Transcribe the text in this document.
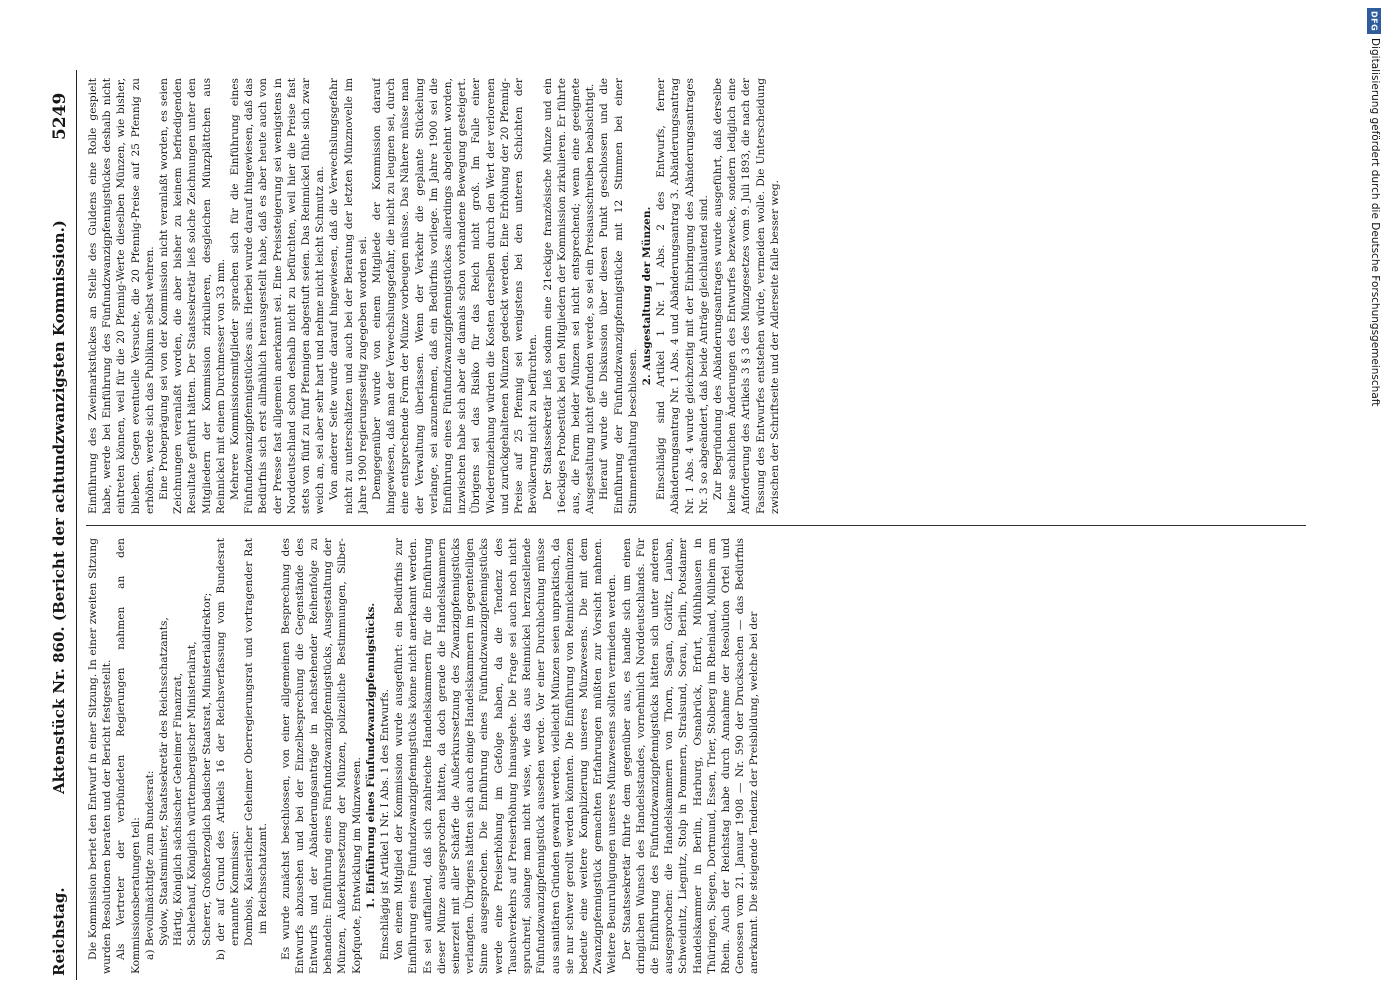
DFG
Digitalisierung gefördert durch die Deutsche Forschungsgemeinschaft
Reichstag.
Aktenstück Nr. 860. (Bericht der achtundzwanzigsten Kommission.)
5249

Die Kommission beriet den Entwurf in einer Sitzung. In einer zweiten Sitzung wurden Resolutionen beraten und der Bericht festgestellt. Als Vertreter der verbündeten Regierungen nahmen an den Kommissionsberatungen teil: a) Bevollmächtigte zum Bundesrat: Sydow, Staatsminister, Staatssekretär des Reichsschatzamts, Härtig, Königlich sächsischer Geheimer Finanzrat, Schleehauf, Königlich württembergischer Ministerialrat, Scherer, Großherzoglich badischer Staatsrat, Ministerialdirektor; b) der auf Grund des Artikels 16 der Reichsverfassung vom Bundesrat ernannte Kommissar: Dombois, Kaiserlicher Geheimer Oberregierungsrat und vortragender Rat im Reichsschatzamt. Es wurde zunächst beschlossen, von einer allgemeinen Besprechung des Entwurfs abzusehen und bei der Einzelbesprechung die Gegenstände des Entwurfs und der Abänderungsanträge in nachstehender Reihenfolge zu behandeln: Einführung eines Fünfundzwanzigpfennigstücks, Ausgestaltung der Münzen, Außerkurssetzung der Münzen, polizeiliche Bestimmungen, Silber-Kopfquote, Entwicklung im Münzwesen. 1. Einführung eines Fünfundzwanzigpfennigstücks. Einschlägig ist Artikel 1 Nr. I Abs. 1 des Entwurfs. Von einem Mitglied der Kommission wurde ausgeführt: ein Bedürfnis zur Einführung eines Fünfundzwanzigpfennigstücks könne nicht anerkannt werden. Es sei auffallend, daß sich zahlreiche Handelskammern für die Einführung dieser Münze ausgesprochen hätten, da doch gerade die Handelskammern seinerzeit mit aller Schärfe die Außerkurssetzung des Zwanzigpfennigstücks verlangten. Übrigens hätten sich auch einige Handelskammern im gegenteiligen Sinne ausgesprochen. Die Einführung eines Fünfundzwanzigpfennigstücks werde eine Preiserhöhung im Gefolge haben, da die Tendenz des Tauschverkehrs auf Preiserhöhung hinausgehe. Die Frage sei auch noch nicht spruchreif, solange man nicht wisse, wie das aus Reinnickel herzustellende Fünfundzwanzigpfennigstück aussehen werde. Vor einer Durchlochung müsse aus sanitären Gründen gewarnt werden, vielleicht Münzen seien unpraktisch, da sie nur schwer gerollt werden könnten. Die Einführung von Reinnickelmünzen bedeute eine weitere Komplizierung unseres Münzwesens. Die mit dem Zwanzigpfennigstück gemachten Erfahrungen müßten zur Vorsicht mahnen. Weitere Beunruhigungen unseres Münzwesens sollten vermieden werden. Der Staatssekretär führte dem gegenüber aus, es handle sich um einen dringlichen Wunsch des Handelsstandes, vornehmlich Norddeutschlands. Für die Einführung des Fünfundzwanzigpfennigstücks hätten sich unter anderen ausgesprochen: die Handelskammern von Thorn, Sagan, Görlitz, Lauban, Schweidnitz, Liegnitz, Stolp in Pommern, Stralsund, Sorau, Berlin, Potsdamer Handelskammer in Berlin, Harburg, Osnabrück, Erfurt, Mühlhausen in Thüringen, Siegen, Dortmund, Essen, Trier, Stolberg im Rheinland, Mülheim am Rhein. Auch der Reichstag habe durch Annahme der Resolution Ortel und Genossen vom 21. Januar 1908 — Nr. 590 der Drucksachen — das Bedürfnis anerkannt. Die steigende Tendenz der Preisbildung, welche bei der

Einführung des Zweimarkstückes an Stelle des Guldens eine Rolle gespielt habe, werde bei Einführung des Fünfundzwanzigpfennigstückes deshalb nicht eintreten können, weil für die 20 Pfennig-Werte dieselben Münzen, wie bisher, blieben. Gegen eventuelle Versuche, die 20 Pfennig-Preise auf 25 Pfennig zu erhöhen, werde sich das Publikum selbst wehren. Eine Probeprägung sei von der Kommission nicht veranlaßt worden, es seien Zeichnungen veranlaßt worden, die aber bisher zu keinem befriedigenden Resultate geführt hätten. Der Staatssekretär ließ solche Zeichnungen unter den Mitgliedern der Kommission zirkulieren, desgleichen Münzplättchen aus Reinnickel mit einem Durchmesser von 33 mm. Mehrere Kommissionsmitglieder sprachen sich für die Einführung eines Fünfundzwanzigpfennigstückes aus. Hierbei wurde darauf hingewiesen, daß das Bedürfnis sich erst allmählich herausgestellt habe, daß es aber heute auch von der Presse fast allgemein anerkannt sei. Eine Preissteigerung sei wenigstens in Norddeutschland schon deshalb nicht zu befürchten, weil hier die Preise fast stets von fünf zu fünf Pfennigen abgestuft seien. Das Reinnickel fühle sich zwar weich an, sei aber sehr hart und nehme nicht leicht Schmutz an. Von anderer Seite wurde darauf hingewiesen, daß die Verwechslungsgefahr nicht zu unterschätzen und auch bei der Beratung der letzten Münznovelle im Jahre 1900 regierungsseitig zugegeben worden sei. Demgegenüber wurde von einem Mitgliede der Kommission darauf hingewiesen, daß man der Verwechslungsgefahr, die nicht zu leugnen sei, durch eine entsprechende Form der Münze vorbeugen müsse. Das Nähere müsse man der Verwaltung überlassen. Wenn der Verkehr die geplante Stückelung verlange, sei anzunehmen, daß ein Bedürfnis vorliege. Im Jahre 1900 sei die Einführung eines Fünfundzwanzigpfennigstückes allerdings abgelehnt worden, inzwischen habe sich aber die damals schon vorhandene Bewegung gesteigert. Übrigens sei das Risiko für das Reich nicht groß. Im Falle einer Wiedereinziehung würden die Kosten derselben durch den Wert der verlorenen und zurückgehaltenen Münzen gedeckt werden. Eine Erhöhung der 20 Pfennig-Preise auf 25 Pfennig sei wenigstens bei den unteren Schichten der Bevölkerung nicht zu befürchten. Der Staatssekretär ließ sodann eine 21eckige französische Münze und ein 16eckiges Probestück bei den Mitgliedern der Kommission zirkulieren. Er führte aus, die Form beider Münzen sei nicht entsprechend; wenn eine geeignete Ausgestaltung nicht gefunden werde, so sei ein Preisausschreiben beabsichtigt. Hierauf wurde die Diskussion über diesen Punkt geschlossen und die Einführung der Fünfundzwanzigpfennigstücke mit 12 Stimmen bei einer Stimmenthaltung beschlossen.

2. Ausgestaltung der Münzen. Einschlägig sind Artikel 1 Nr. I Abs. 2 des Entwurfs, ferner Abänderungsantrag Nr. 1 Abs. 4 und Abänderungsantrag 3. Abänderungsantrag Nr. 1 Abs. 4 wurde gleichzeitig mit der Einbringung des Abänderungsantrages Nr. 3 so abgeändert, daß beide Anträge gleichlautend sind. Zur Begründung des Abänderungsantrages wurde ausgeführt, daß derselbe keine sachlichen Änderungen des Entwurfes bezwecke, sondern lediglich eine Anforderung des Artikels 3 § 3 des Münzgesetzes vom 9. Juli 1893, die nach der Fassung des Entwurfes entstehen würde, vermeiden wolle. Die Unterscheidung zwischen der Schriftseite und der Adlerseite falle besser weg.
